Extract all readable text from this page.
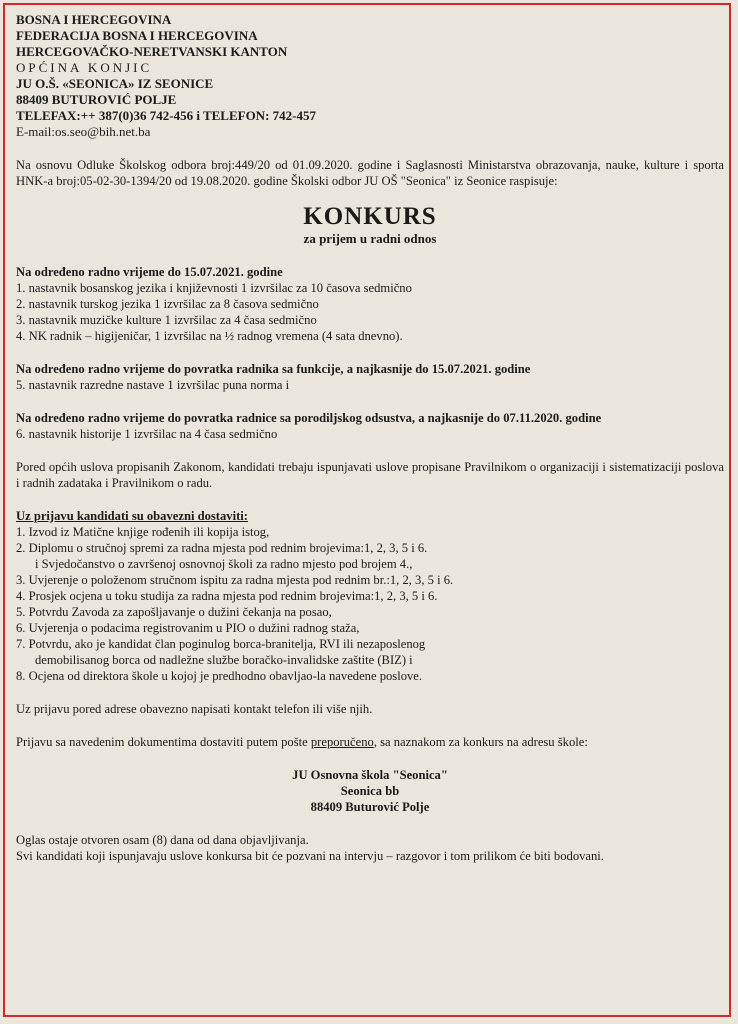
BOSNA I HERCEGOVINA
FEDERACIJA BOSNA I HERCEGOVINA
HERCEGOVAČKO-NERETVANSKI KANTON
OPĆINA KONJIC
JU O.Š. «SEONICA» IZ SEONICE
88409 BUTUROVIĆ POLJE
TELEFAX:++ 387(0)36 742-456 i TELEFON: 742-457
E-mail:os.seo@bih.net.ba

Na osnovu Odluke Školskog odbora broj:449/20 od 01.09.2020. godine i Saglasnosti Ministarstva obrazovanja, nauke, kulture i sporta HNK-a broj:05-02-30-1394/20 od 19.08.2020. godine Školski odbor JU OŠ "Seonica" iz Seonice raspisuje:

KONKURS
za prijem u radni odnos
Na određeno radno vrijeme do 15.07.2021. godine
1. nastavnik bosanskog jezika i književnosti 1 izvršilac za 10 časova sedmično
2. nastavnik turskog jezika 1 izvršilac za 8 časova sedmično
3. nastavnik muzičke kulture 1 izvršilac za 4 časa sedmično
4. NK radnik – higijeničar, 1 izvršilac na ½ radnog vremena (4 sata dnevno).
Na određeno radno vrijeme do povratka radnika sa funkcije, a najkasnije do 15.07.2021. godine
5. nastavnik razredne nastave 1 izvršilac puna norma i
Na određeno radno vrijeme do povratka radnice sa porodiljskog odsustva, a najkasnije do 07.11.2020. godine
6. nastavnik historije 1 izvršilac na 4 časa sedmično

Pored općih uslova propisanih Zakonom, kandidati trebaju ispunjavati uslove propisane Pravilnikom o organizaciji i sistematizaciji poslova i radnih zadataka i Pravilnikom o radu.

Uz prijavu kandidati su obavezni dostaviti:
1. Izvod iz Matične knjige rođenih ili kopija istog,
2. Diplomu o stručnoj spremi za radna mjesta pod rednim brojevima:1, 2, 3, 5 i 6.
i Svjedočanstvo o završenoj osnovnoj školi za radno mjesto pod brojem 4.,
3. Uvjerenje o položenom stručnom ispitu za radna mjesta pod rednim br.:1, 2, 3, 5 i 6.
4. Prosjek ocjena u toku studija za radna mjesta pod rednim brojevima:1, 2, 3, 5 i 6.
5. Potvrdu Zavoda za zapošljavanje o dužini čekanja na posao,
6. Uvjerenja o podacima registrovanim u PIO o dužini radnog staža,
7. Potvrdu, ako je kandidat član poginulog borca-branitelja, RVI ili nezaposlenog
demobilisanog borca od nadležne službe boračko-invalidske zaštite (BIZ) i
8. Ocjena od direktora škole u kojoj je predhodno obavljao-la navedene poslove.

Uz prijavu pored adrese obavezno napisati kontakt telefon ili više njih.

Prijavu sa navedenim dokumentima dostaviti putem pošte preporučeno, sa naznakom za konkurs na adresu škole:

JU Osnovna škola "Seonica"
Seonica bb
88409 Buturović Polje

Oglas ostaje otvoren osam (8) dana od dana objavljivanja.

Svi kandidati koji ispunjavaju uslove konkursa bit će pozvani na intervju – razgovor i tom prilikom će biti bodovani.
